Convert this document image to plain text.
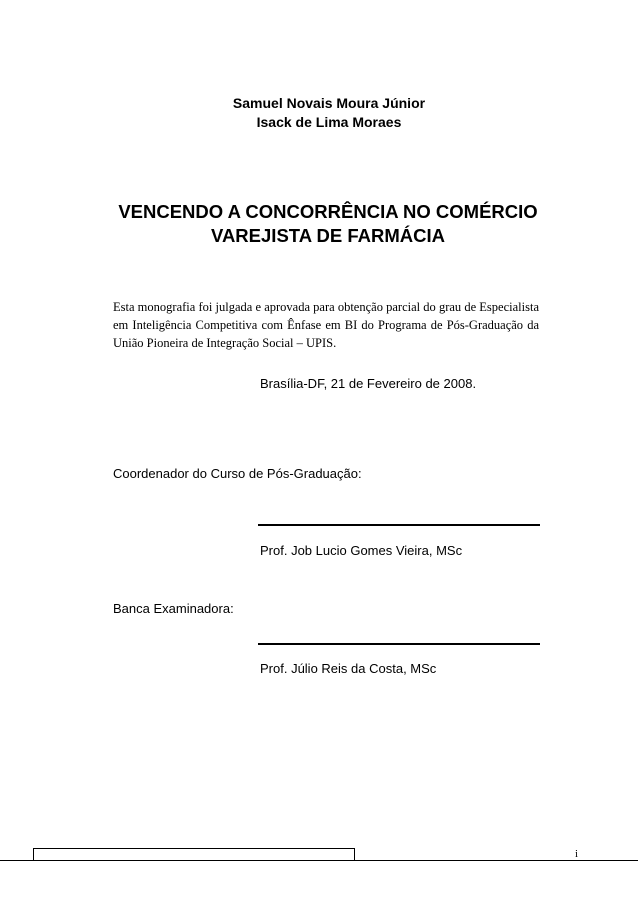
Samuel Novais Moura Júnior
Isack de Lima Moraes
VENCENDO A CONCORRÊNCIA NO COMÉRCIO
VAREJISTA DE FARMÁCIA
Esta monografia foi julgada e aprovada para obtenção parcial do grau de Especialista em Inteligência Competitiva com Ênfase em BI do Programa de Pós-Graduação da União Pioneira de Integração Social – UPIS.
Brasília-DF, 21 de Fevereiro de 2008.
Coordenador do Curso de Pós-Graduação:
Prof. Job Lucio Gomes Vieira, MSc
Banca Examinadora:
Prof. Júlio Reis da Costa, MSc
i
